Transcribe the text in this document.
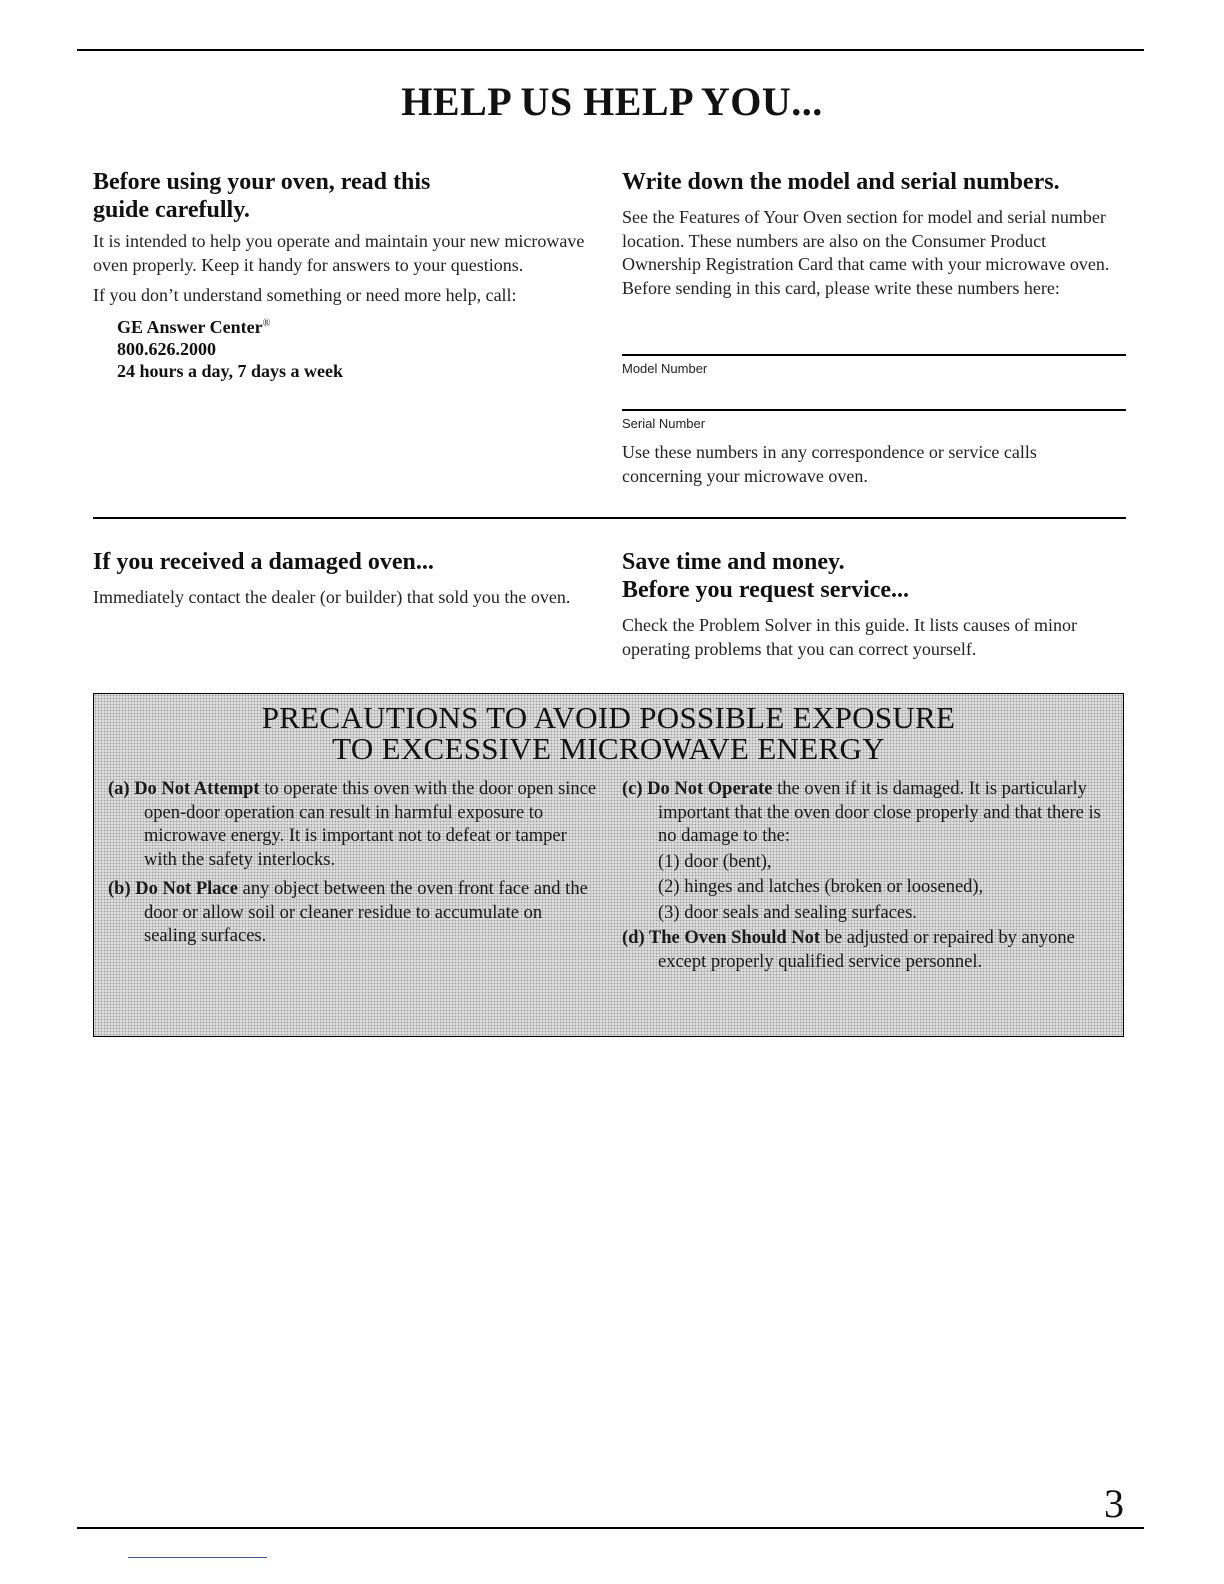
HELP US HELP YOU...

Before using your oven, read this
guide carefully.

It is intended to help you operate and maintain your new microwave oven properly. Keep it handy for answers to your questions.

If you don’t understand something or need more help, call:

GE Answer Center®
800.626.2000
24 hours a day, 7 days a week

Write down the model and serial numbers.

See the Features of Your Oven section for model and serial number location. These numbers are also on the Consumer Product Ownership Registration Card that came with your microwave oven. Before sending in this card, please write these numbers here:

Model Number
Serial Number

Use these numbers in any correspondence or service calls concerning your microwave oven.

If you received a damaged oven...

Immediately contact the dealer (or builder) that sold you the oven.

Save time and money.
Before you request service...

Check the Problem Solver in this guide. It lists causes of minor operating problems that you can correct yourself.

PRECAUTIONS TO AVOID POSSIBLE EXPOSURE
TO EXCESSIVE MICROWAVE ENERGY

(a) Do Not Attempt to operate this oven with the door open since open-door operation can result in harmful exposure to microwave energy. It is important not to defeat or tamper with the safety interlocks.

(b) Do Not Place any object between the oven front face and the door or allow soil or cleaner residue to accumulate on sealing surfaces.

(c) Do Not Operate the oven if it is damaged. It is particularly important that the oven door close properly and that there is no damage to the:

(1) door (bent),

(2) hinges and latches (broken or loosened),

(3) door seals and sealing surfaces.

(d) The Oven Should Not be adjusted or repaired by anyone except properly qualified service personnel.

3
